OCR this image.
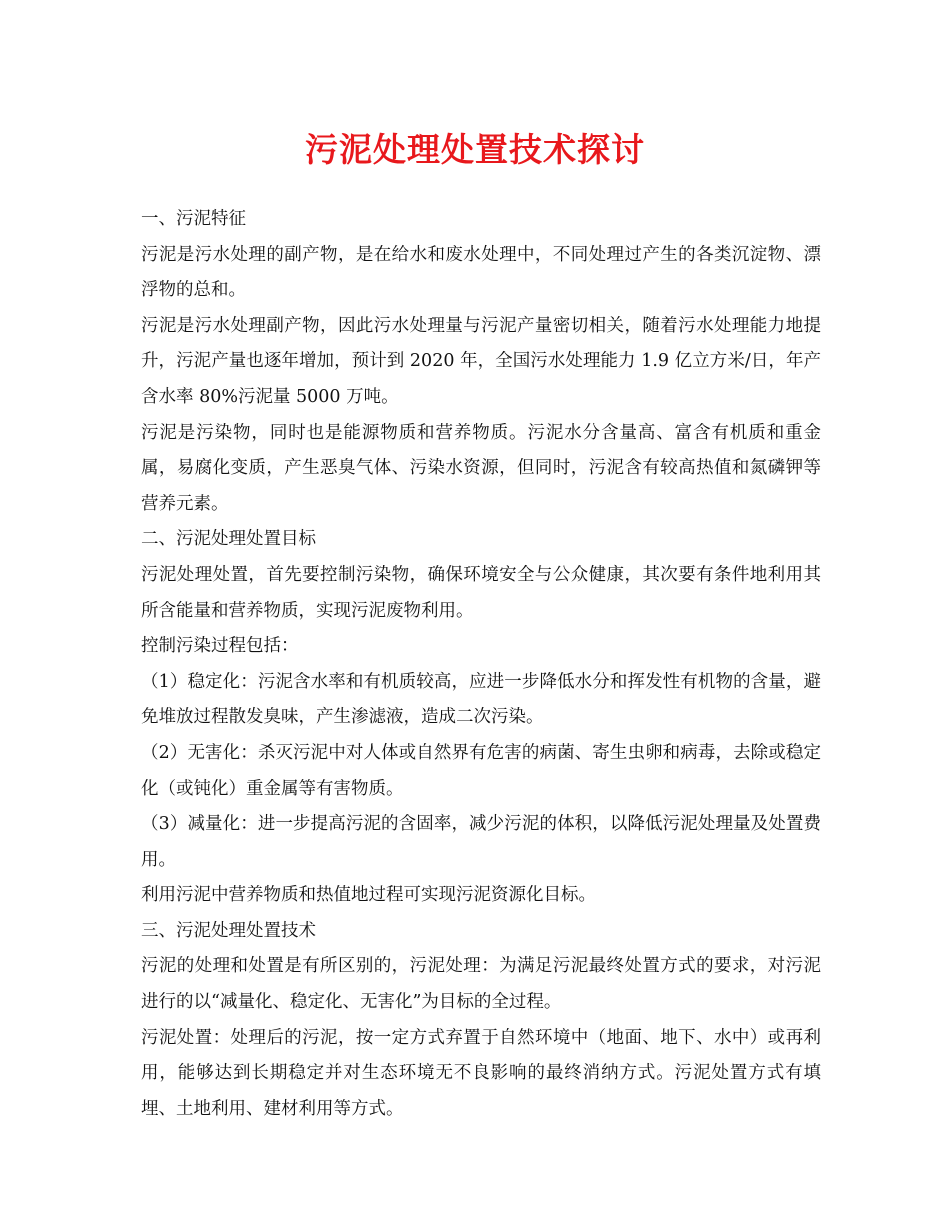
污泥处理处置技术探讨

一、污泥特征

污泥是污水处理的副产物，是在给水和废水处理中，不同处理过产生的各类沉淀物、漂浮物的总和。

污泥是污水处理副产物，因此污水处理量与污泥产量密切相关，随着污水处理能力地提升，污泥产量也逐年增加，预计到 2020 年，全国污水处理能力 1.9 亿立方米/日，年产含水率 80%污泥量 5000 万吨。

污泥是污染物，同时也是能源物质和营养物质。污泥水分含量高、富含有机质和重金属，易腐化变质，产生恶臭气体、污染水资源，但同时，污泥含有较高热值和氮磷钾等营养元素。

二、污泥处理处置目标

污泥处理处置，首先要控制污染物，确保环境安全与公众健康，其次要有条件地利用其所含能量和营养物质，实现污泥废物利用。

控制污染过程包括：

（1）稳定化：污泥含水率和有机质较高，应进一步降低水分和挥发性有机物的含量，避免堆放过程散发臭味，产生渗滤液，造成二次污染。

（2）无害化：杀灭污泥中对人体或自然界有危害的病菌、寄生虫卵和病毒，去除或稳定化（或钝化）重金属等有害物质。

（3）减量化：进一步提高污泥的含固率，减少污泥的体积，以降低污泥处理量及处置费用。

利用污泥中营养物质和热值地过程可实现污泥资源化目标。

三、污泥处理处置技术

污泥的处理和处置是有所区别的，污泥处理：为满足污泥最终处置方式的要求，对污泥进行的以“减量化、稳定化、无害化”为目标的全过程。

污泥处置：处理后的污泥，按一定方式弃置于自然环境中（地面、地下、水中）或再利用，能够达到长期稳定并对生态环境无不良影响的最终消纳方式。污泥处置方式有填埋、土地利用、建材利用等方式。
